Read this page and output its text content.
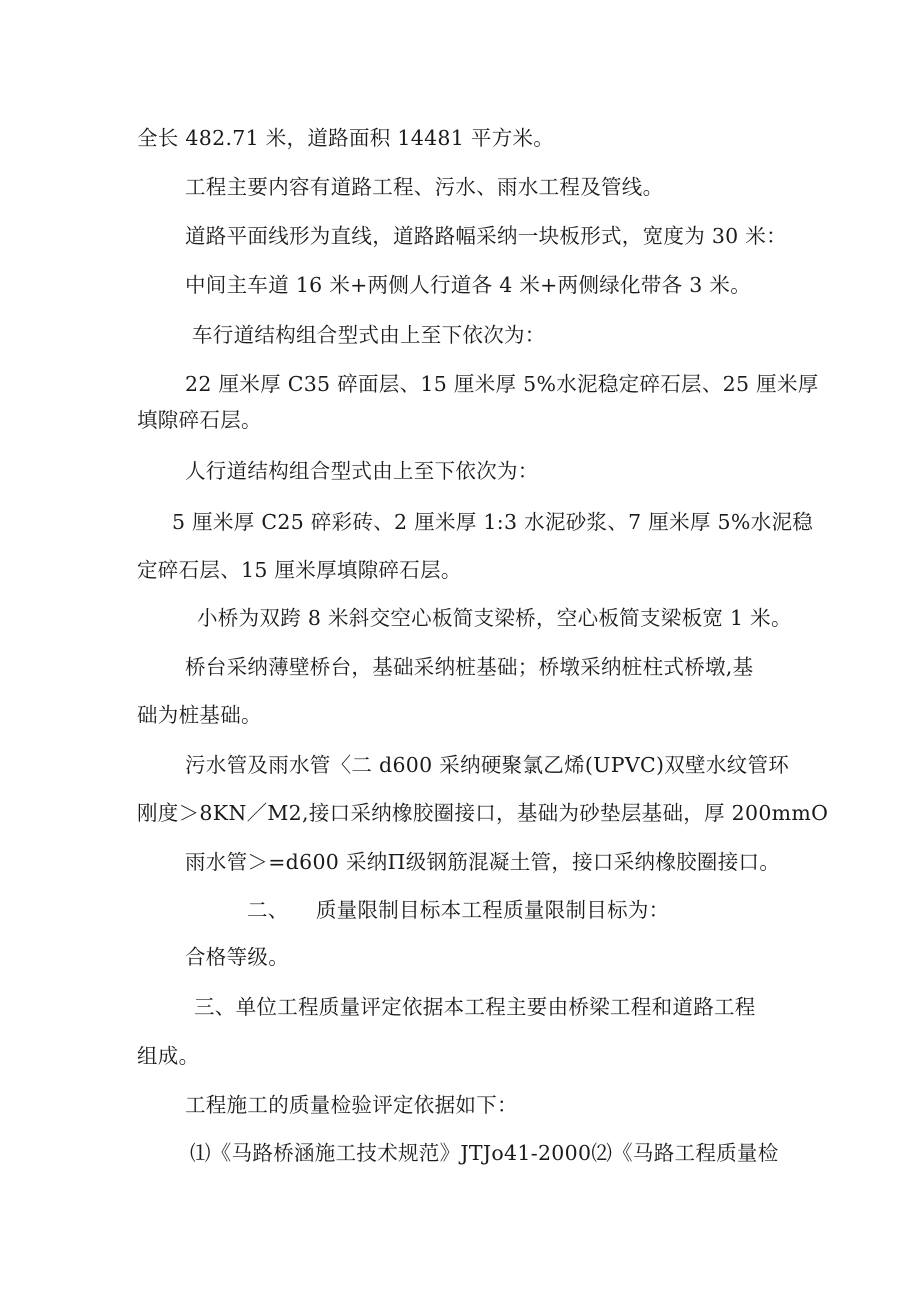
全长 482.71 米，道路面积 14481 平方米。
工程主要内容有道路工程、污水、雨水工程及管线。
道路平面线形为直线，道路路幅采纳一块板形式，宽度为 30 米：
中间主车道 16 米+两侧人行道各 4 米+两侧绿化带各 3 米。
车行道结构组合型式由上至下依次为：
22 厘米厚 C35 碎面层、15 厘米厚 5%水泥稳定碎石层、25 厘米厚
填隙碎石层。
人行道结构组合型式由上至下依次为：
5 厘米厚 C25 碎彩砖、2 厘米厚 1:3 水泥砂浆、7 厘米厚 5%水泥稳
定碎石层、15 厘米厚填隙碎石层。
小桥为双跨 8 米斜交空心板简支梁桥，空心板简支梁板宽 1 米。
桥台采纳薄壁桥台，基础采纳桩基础；桥墩采纳桩柱式桥墩,基
础为桩基础。
污水管及雨水管〈二 d600 采纳硬聚氯乙烯(UPVC)双壁水纹管环
刚度＞8KN／M2,接口采纳橡胶圈接口，基础为砂垫层基础，厚 200mmO
雨水管＞=d600 采纳П级钢筋混凝土管，接口采纳橡胶圈接口。
二、    质量限制目标本工程质量限制目标为：
合格等级。
三、单位工程质量评定依据本工程主要由桥梁工程和道路工程
组成。
工程施工的质量检验评定依据如下：
⑴《马路桥涵施工技术规范》JTJo41-2000⑵《马路工程质量检
